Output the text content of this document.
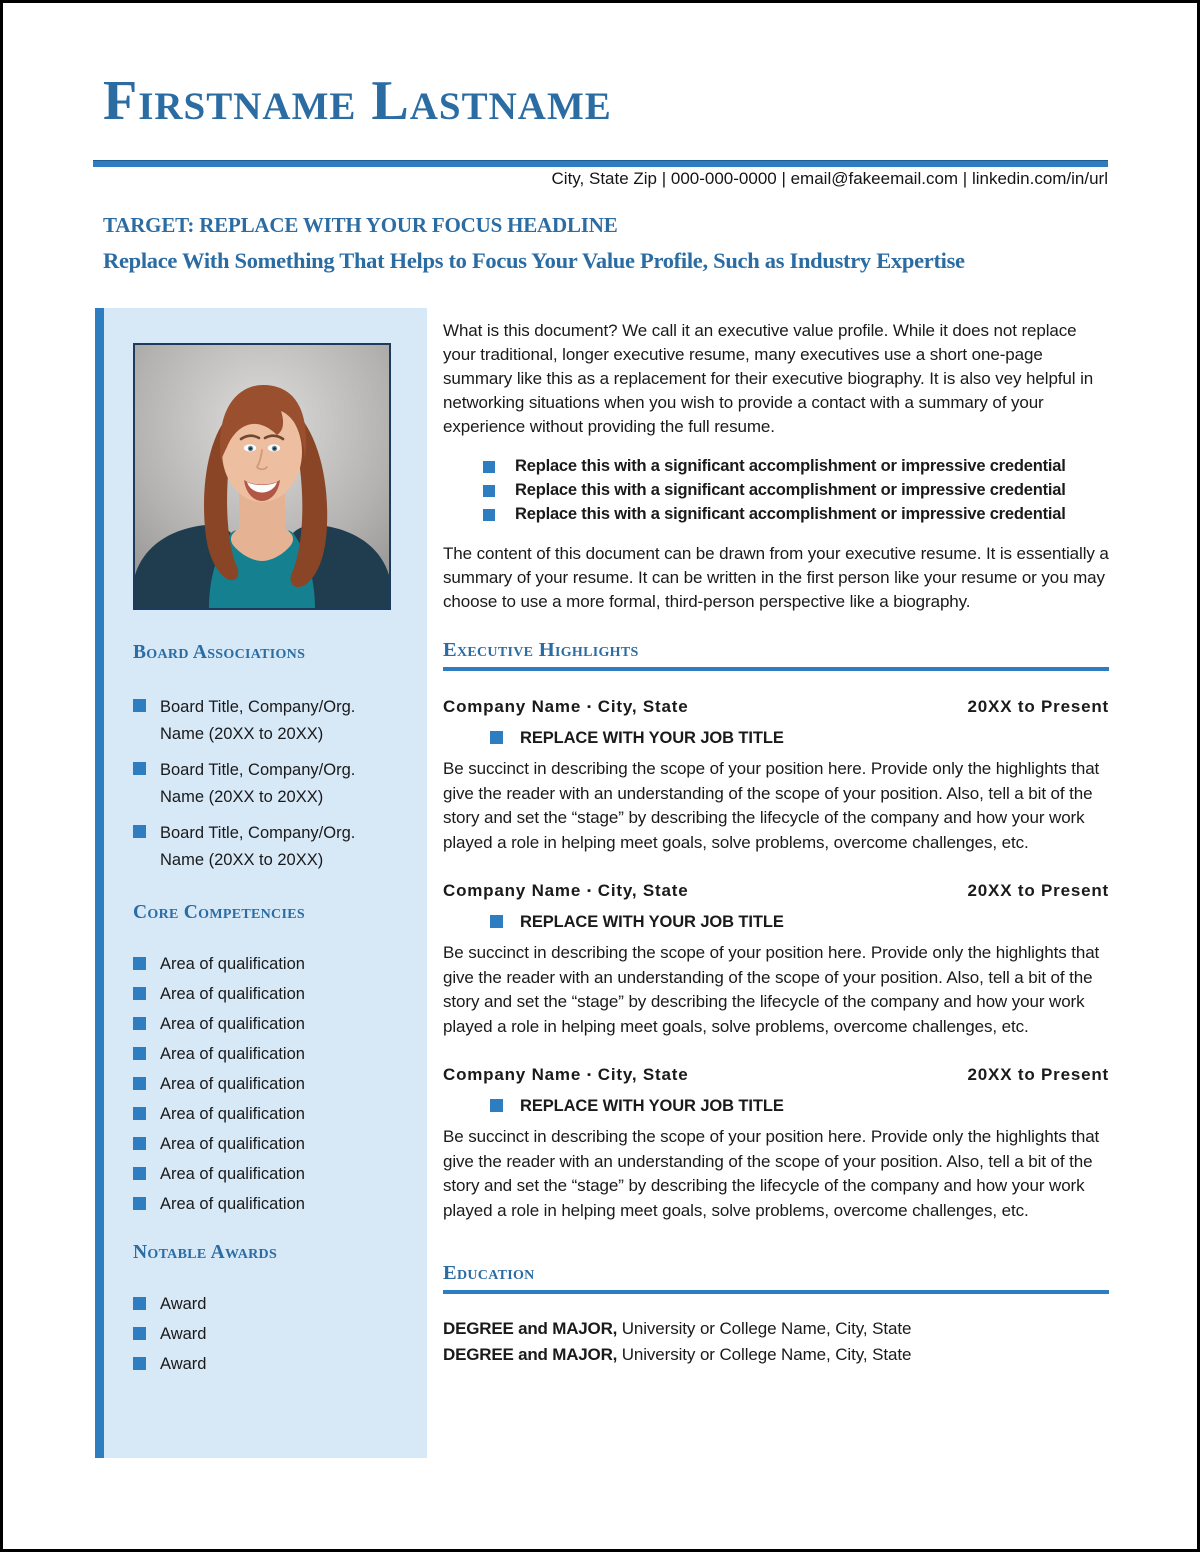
Firstname Lastname
City, State Zip | 000-000-0000 | email@fakeemail.com | linkedin.com/in/url

TARGET: REPLACE WITH YOUR FOCUS HEADLINE

Replace With Something That Helps to Focus Your Value Profile, Such as Industry Expertise

Board Associations
Board Title, Company/Org. Name (20XX to 20XX)
Board Title, Company/Org. Name (20XX to 20XX)
Board Title, Company/Org. Name (20XX to 20XX)
Core Competencies
Area of qualification
Area of qualification
Area of qualification
Area of qualification
Area of qualification
Area of qualification
Area of qualification
Area of qualification
Area of qualification
Notable Awards
Award
Award
Award

What is this document? We call it an executive value profile. While it does not replace your traditional, longer executive resume, many executives use a short one-page summary like this as a replacement for their executive biography. It is also vey helpful in networking situations when you wish to provide a contact with a summary of your experience without providing the full resume.

Replace this with a significant accomplishment or impressive credential
Replace this with a significant accomplishment or impressive credential
Replace this with a significant accomplishment or impressive credential

The content of this document can be drawn from your executive resume. It is essentially a summary of your resume. It can be written in the first person like your resume or you may choose to use a more formal, third-person perspective like a biography.

Executive Highlights
Company Name ▪ City, State	20XX to Present
REPLACE WITH YOUR JOB TITLE

Be succinct in describing the scope of your position here. Provide only the highlights that give the reader with an understanding of the scope of your position. Also, tell a bit of the story and set the “stage” by describing the lifecycle of the company and how your work played a role in helping meet goals, solve problems, overcome challenges, etc.

Company Name ▪ City, State	20XX to Present
REPLACE WITH YOUR JOB TITLE

Be succinct in describing the scope of your position here. Provide only the highlights that give the reader with an understanding of the scope of your position. Also, tell a bit of the story and set the “stage” by describing the lifecycle of the company and how your work played a role in helping meet goals, solve problems, overcome challenges, etc.

Company Name ▪ City, State	20XX to Present
REPLACE WITH YOUR JOB TITLE

Be succinct in describing the scope of your position here. Provide only the highlights that give the reader with an understanding of the scope of your position. Also, tell a bit of the story and set the “stage” by describing the lifecycle of the company and how your work played a role in helping meet goals, solve problems, overcome challenges, etc.

Education

DEGREE and MAJOR, University or College Name, City, State

DEGREE and MAJOR, University or College Name, City, State
